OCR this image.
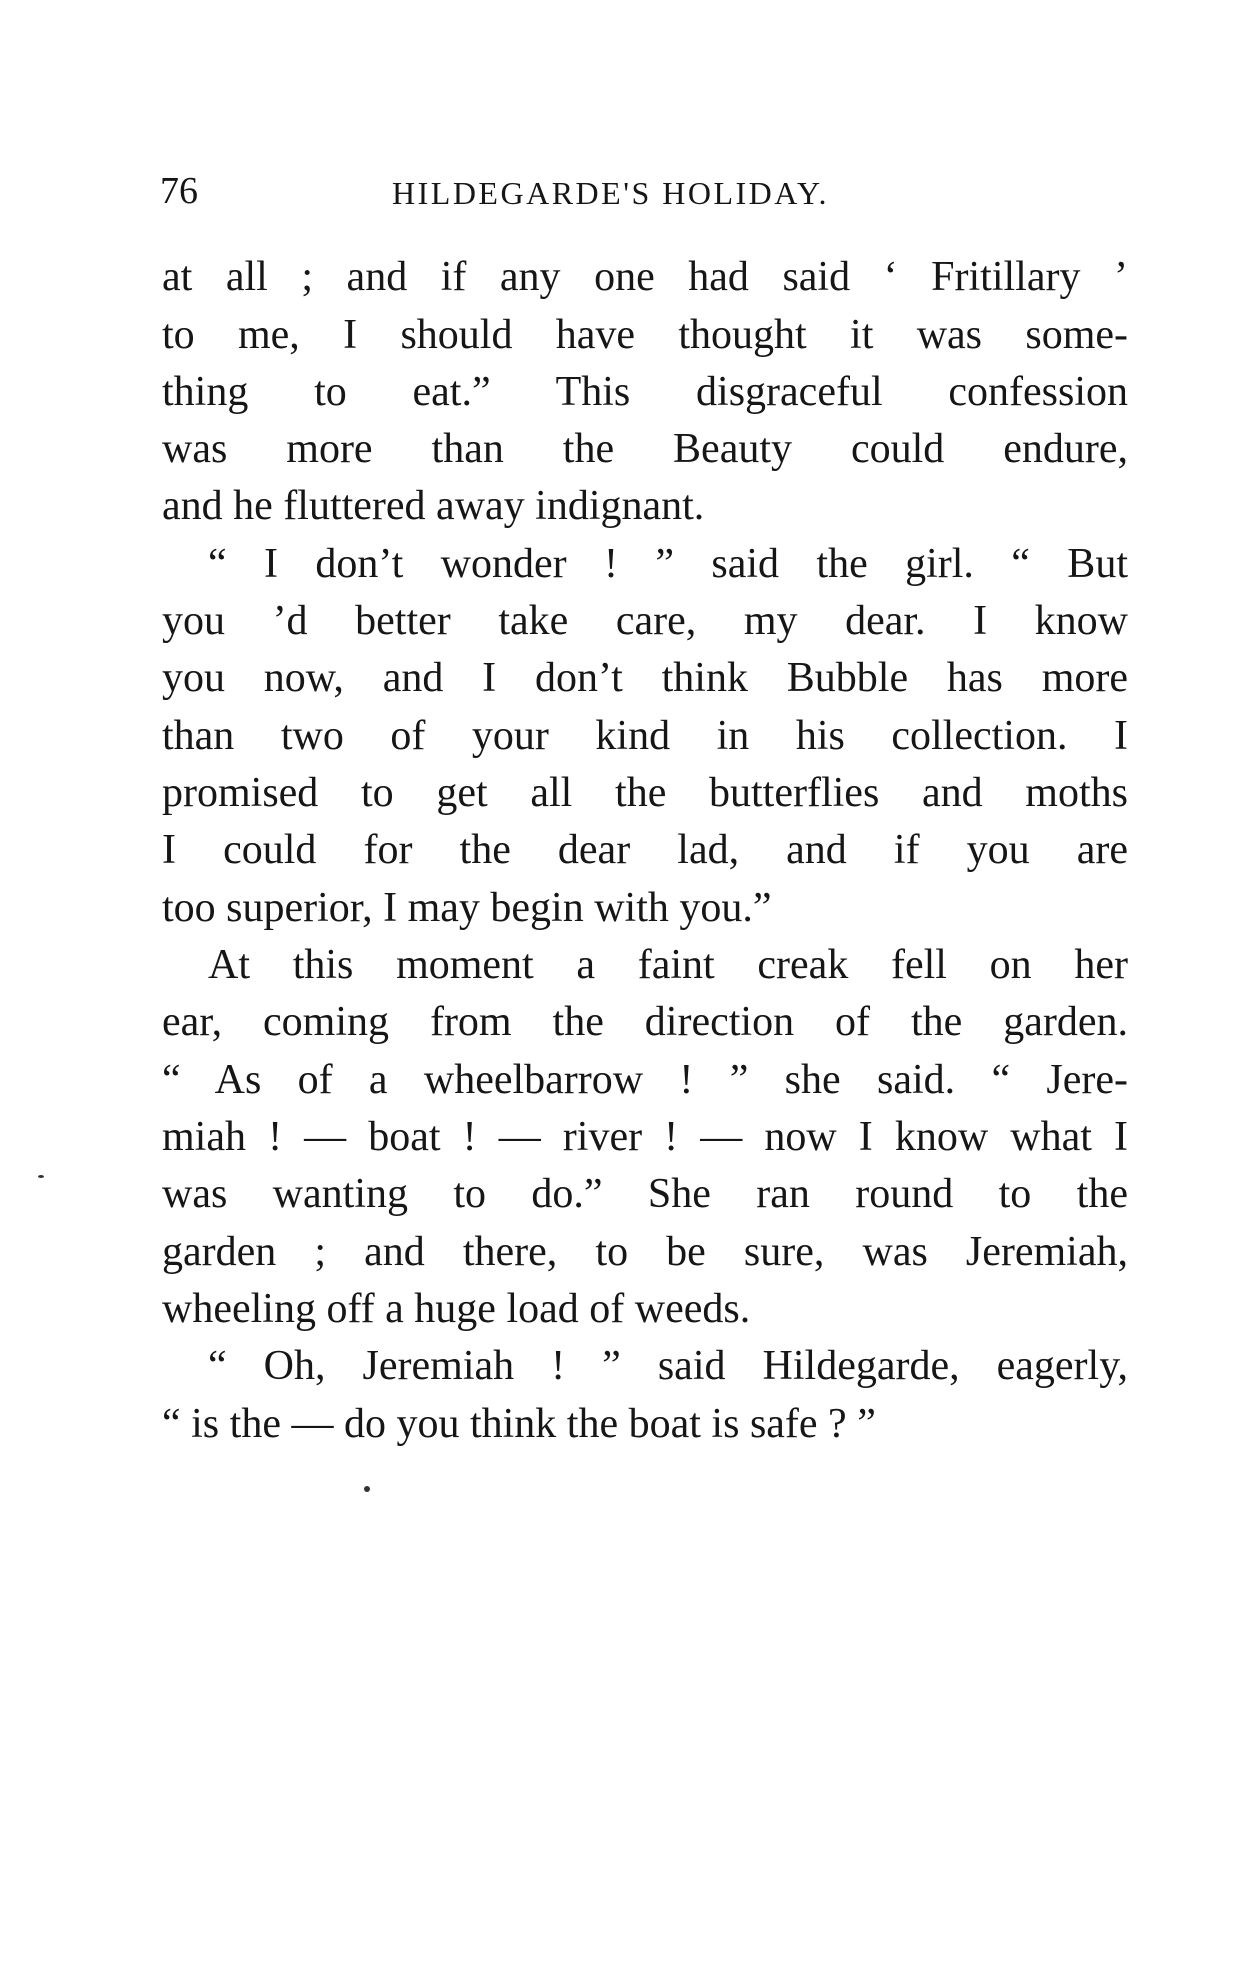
76	HILDEGARDE'S HOLIDAY.
at all ; and if any one had said ‘ Fritillary ’
to me, I should have thought it was some-
thing to eat.” This disgraceful confession
was more than the Beauty could endure,
and he fluttered away indignant.
“ I don’t wonder ! ” said the girl. “ But
you ’d better take care, my dear. I know
you now, and I don’t think Bubble has more
than two of your kind in his collection. I
promised to get all the butterflies and moths
I could for the dear lad, and if you are
too superior, I may begin with you.”
At this moment a faint creak fell on her
ear, coming from the direction of the garden.
“ As of a wheelbarrow ! ” she said. “ Jere-
miah ! — boat ! — river ! — now I know what I
was wanting to do.” She ran round to the
garden ; and there, to be sure, was Jeremiah,
wheeling off a huge load of weeds.
“ Oh, Jeremiah ! ” said Hildegarde, eagerly,
“ is the — do you think the boat is safe ? ”
